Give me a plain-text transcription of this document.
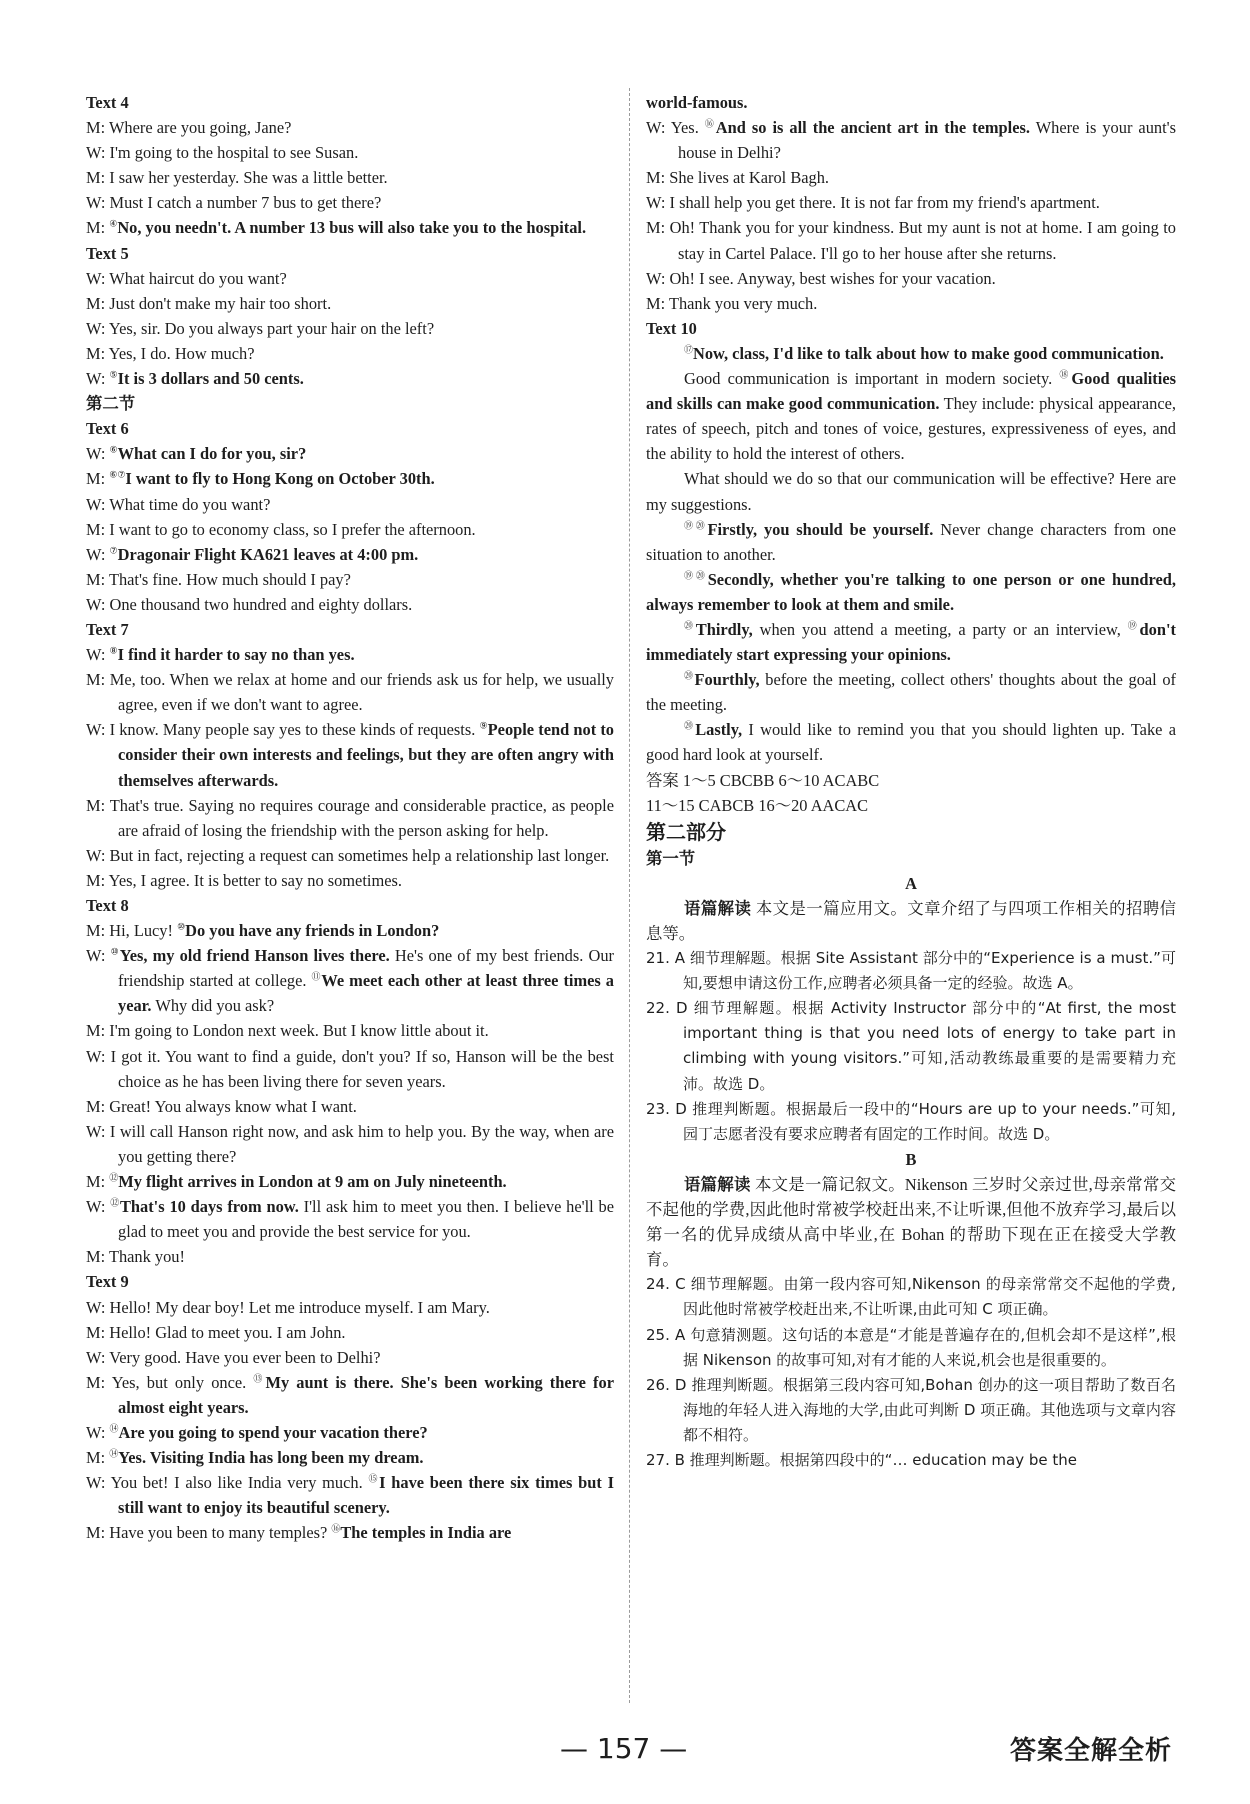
Text 4
M: Where are you going, Jane?
W: I'm going to the hospital to see Susan.
M: I saw her yesterday. She was a little better.
W: Must I catch a number 7 bus to get there?
M: ④No, you needn't. A number 13 bus will also take you to the hospital.
Text 5
W: What haircut do you want?
M: Just don't make my hair too short.
W: Yes, sir. Do you always part your hair on the left?
M: Yes, I do. How much?
W: ⑤It is 3 dollars and 50 cents.
第二节
Text 6
W: ⑥What can I do for you, sir?
M: ⑥⑦I want to fly to Hong Kong on October 30th.
W: What time do you want?
M: I want to go to economy class, so I prefer the afternoon.
W: ⑦Dragonair Flight KA621 leaves at 4:00 pm.
M: That's fine. How much should I pay?
W: One thousand two hundred and eighty dollars.
Text 7
W: ⑧I find it harder to say no than yes.
M: Me, too. When we relax at home and our friends ask us for help, we usually agree, even if we don't want to agree.
W: I know. Many people say yes to these kinds of requests. ⑨People tend not to consider their own interests and feelings, but they are often angry with themselves afterwards.
M: That's true. Saying no requires courage and considerable practice, as people are afraid of losing the friendship with the person asking for help.
W: But in fact, rejecting a request can sometimes help a relationship last longer.
M: Yes, I agree. It is better to say no sometimes.
Text 8
M: Hi, Lucy! ⑩Do you have any friends in London?
W: ⑩Yes, my old friend Hanson lives there. He's one of my best friends. Our friendship started at college. ⑪We meet each other at least three times a year. Why did you ask?
M: I'm going to London next week. But I know little about it.
W: I got it. You want to find a guide, don't you? If so, Hanson will be the best choice as he has been living there for seven years.
M: Great! You always know what I want.
W: I will call Hanson right now, and ask him to help you. By the way, when are you getting there?
M: ⑫My flight arrives in London at 9 am on July nineteenth.
W: ⑫That's 10 days from now. I'll ask him to meet you then. I believe he'll be glad to meet you and provide the best service for you.
M: Thank you!
Text 9
W: Hello! My dear boy! Let me introduce myself. I am Mary.
M: Hello! Glad to meet you. I am John.
W: Very good. Have you ever been to Delhi?
M: Yes, but only once. ⑬My aunt is there. She's been working there for almost eight years.
W: ⑭Are you going to spend your vacation there?
M: ⑭Yes. Visiting India has long been my dream.
W: You bet! I also like India very much. ⑮I have been there six times but I still want to enjoy its beautiful scenery.
M: Have you been to many temples? ⑯The temples in India are
world-famous.
W: Yes. ⑯And so is all the ancient art in the temples. Where is your aunt's house in Delhi?
M: She lives at Karol Bagh.
W: I shall help you get there. It is not far from my friend's apartment.
M: Oh! Thank you for your kindness. But my aunt is not at home. I am going to stay in Cartel Palace. I'll go to her house after she returns.
W: Oh! I see. Anyway, best wishes for your vacation.
M: Thank you very much.
Text 10
⑰Now, class, I'd like to talk about how to make good communication.
Good communication is important in modern society. ⑱Good qualities and skills can make good communication. They include: physical appearance, rates of speech, pitch and tones of voice, gestures, expressiveness of eyes, and the ability to hold the interest of others.
What should we do so that our communication will be effective? Here are my suggestions.
⑲⑳Firstly, you should be yourself. Never change characters from one situation to another.
⑲⑳Secondly, whether you're talking to one person or one hundred, always remember to look at them and smile.
⑳Thirdly, when you attend a meeting, a party or an interview, ⑲don't immediately start expressing your opinions.
⑳Fourthly, before the meeting, collect others' thoughts about the goal of the meeting.
⑳Lastly, I would like to remind you that you should lighten up. Take a good hard look at yourself.
答案 1～5 CBCBB 6～10 ACABC
11～15 CABCB 16～20 AACAC
第二部分
第一节
A
语篇解读 本文是一篇应用文。文章介绍了与四项工作相关的招聘信息等。
21. A 细节理解题。根据 Site Assistant 部分中的“Experience is a must.”可知,要想申请这份工作,应聘者必须具备一定的经验。故选 A。
22. D 细节理解题。根据 Activity Instructor 部分中的“At first, the most important thing is that you need lots of energy to take part in climbing with young visitors.”可知,活动教练最重要的是需要精力充沛。故选 D。
23. D 推理判断题。根据最后一段中的“Hours are up to your needs.”可知,园丁志愿者没有要求应聘者有固定的工作时间。故选 D。
B
语篇解读 本文是一篇记叙文。Nikenson 三岁时父亲过世,母亲常常交不起他的学费,因此他时常被学校赶出来,不让听课,但他不放弃学习,最后以第一名的优异成绩从高中毕业,在 Bohan 的帮助下现在正在接受大学教育。
24. C 细节理解题。由第一段内容可知,Nikenson 的母亲常常交不起他的学费,因此他时常被学校赶出来,不让听课,由此可知 C 项正确。
25. A 句意猜测题。这句话的本意是“才能是普遍存在的,但机会却不是这样”,根据 Nikenson 的故事可知,对有才能的人来说,机会也是很重要的。
26. D 推理判断题。根据第三段内容可知,Bohan 创办的这一项目帮助了数百名海地的年轻人进入海地的大学,由此可判断 D 项正确。其他选项与文章内容都不相符。
27. B 推理判断题。根据第四段中的“… education may be the
— 157 —	答案全解全析
